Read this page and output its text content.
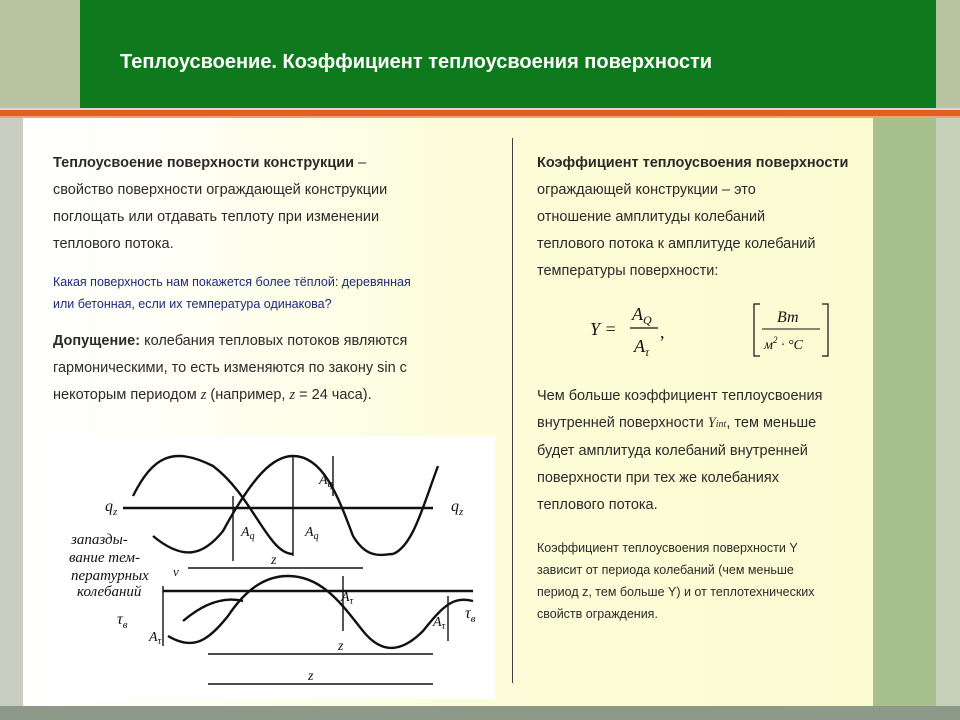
Теплоусвоение. Коэффициент теплоусвоения поверхности
Теплоусвоение поверхности конструкции –
свойство поверхности ограждающей конструкции
поглощать или отдавать теплоту при изменении
теплового потока.
Какая поверхность нам покажется более тёплой: деревянная
или бетонная, если их температура одинакова?
Допущение: колебания тепловых потоков являются
гармоническими, то есть изменяются по закону sin с
некоторым периодом z (например, z = 24 часа).
$q_z$	$q_z$
$\tau_в$
$\tau_в$
$A_q$	$A_q$
$A_q$
$A_\tau$
$A_\tau$
$A_\tau$
z
z
z
v
запазды-
вание тем-
пературных
колебаний
Коэффициент теплоусвоения поверхности
ограждающей конструкции – это
отношение амплитуды колебаний
теплового потока к амплитуде колебаний
температуры поверхности:
Y =
$A_Q$
$A_\tau$
,
Вт
$м^2 \cdot ^\circ C$
Чем больше коэффициент теплоусвоения
внутренней поверхности Yint, тем меньше
будет амплитуда колебаний внутренней
поверхности при тех же колебаниях
теплового потока.
Коэффициент теплоусвоения поверхности Y
зависит от периода колебаний (чем меньше
период z, тем больше Y) и от теплотехнических
свойств ограждения.
